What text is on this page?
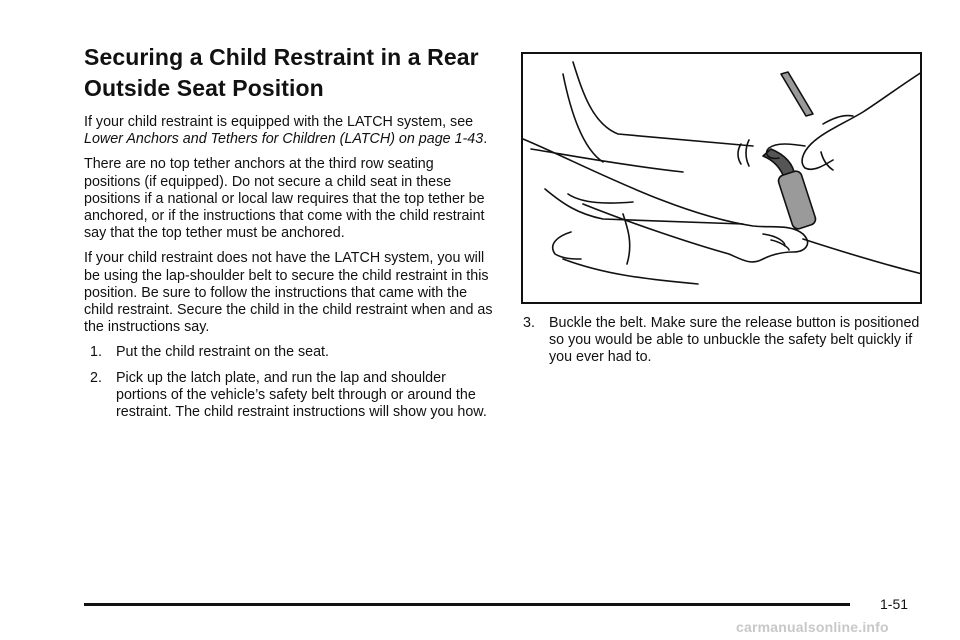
Securing a Child Restraint in a Rear Outside Seat Position

If your child restraint is equipped with the LATCH system, see Lower Anchors and Tethers for Children (LATCH) on page 1-43.

There are no top tether anchors at the third row seating positions (if equipped). Do not secure a child seat in these positions if a national or local law requires that the top tether be anchored, or if the instructions that come with the child restraint say that the top tether must be anchored.

If your child restraint does not have the LATCH system, you will be using the lap-shoulder belt to secure the child restraint in this position. Be sure to follow the instructions that came with the child restraint. Secure the child in the child restraint when and as the instructions say.

1. Put the child restraint on the seat.
2. Pick up the latch plate, and run the lap and shoulder portions of the vehicle’s safety belt through or around the restraint. The child restraint instructions will show you how.
3. Buckle the belt. Make sure the release button is positioned so you would be able to unbuckle the safety belt quickly if you ever had to.
1-51
carmanualsonline.info
